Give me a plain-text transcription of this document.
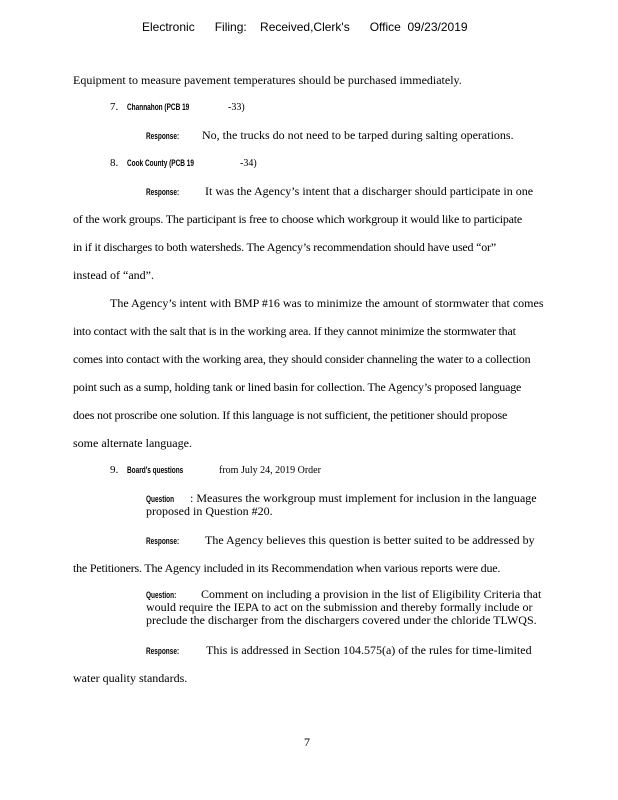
Electronic      Filing:    Received,Clerk's      Office  09/23/2019
Equipment to measure pavement temperatures should be purchased immediately.
7. Channahon (PCB 19	-33)
Response: No, the trucks do not need to be tarped during salting operations.
8. Cook County (PCB 19	-34)
Response: It was the Agency’s intent that a discharger should participate in one
of the work groups. The participant is free to choose which workgroup it would like to participate
in if it discharges to both watersheds. The Agency’s recommendation should have used “or”
instead of “and”.
The Agency’s intent with BMP #16 was to minimize the amount of stormwater that comes
into contact with the salt that is in the working area. If they cannot minimize the stormwater that
comes into contact with the working area, they should consider channeling the water to a collection
point such as a sump, holding tank or lined basin for collection. The Agency’s proposed language
does not proscribe one solution. If this language is not sufficient, the petitioner should propose
some alternate language.
9. Board's questions	from July 24, 2019 Order
Question : Measures the workgroup must implement for inclusion in the language
proposed in Question #20.
Response: The Agency believes this question is better suited to be addressed by
the Petitioners. The Agency included in its Recommendation when various reports were due.
Question: Comment on including a provision in the list of Eligibility Criteria that
would require the IEPA to act on the submission and thereby formally include or
preclude the discharger from the dischargers covered under the chloride TLWQS.
Response: This is addressed in Section 104.575(a) of the rules for time-limited
water quality standards.
7
